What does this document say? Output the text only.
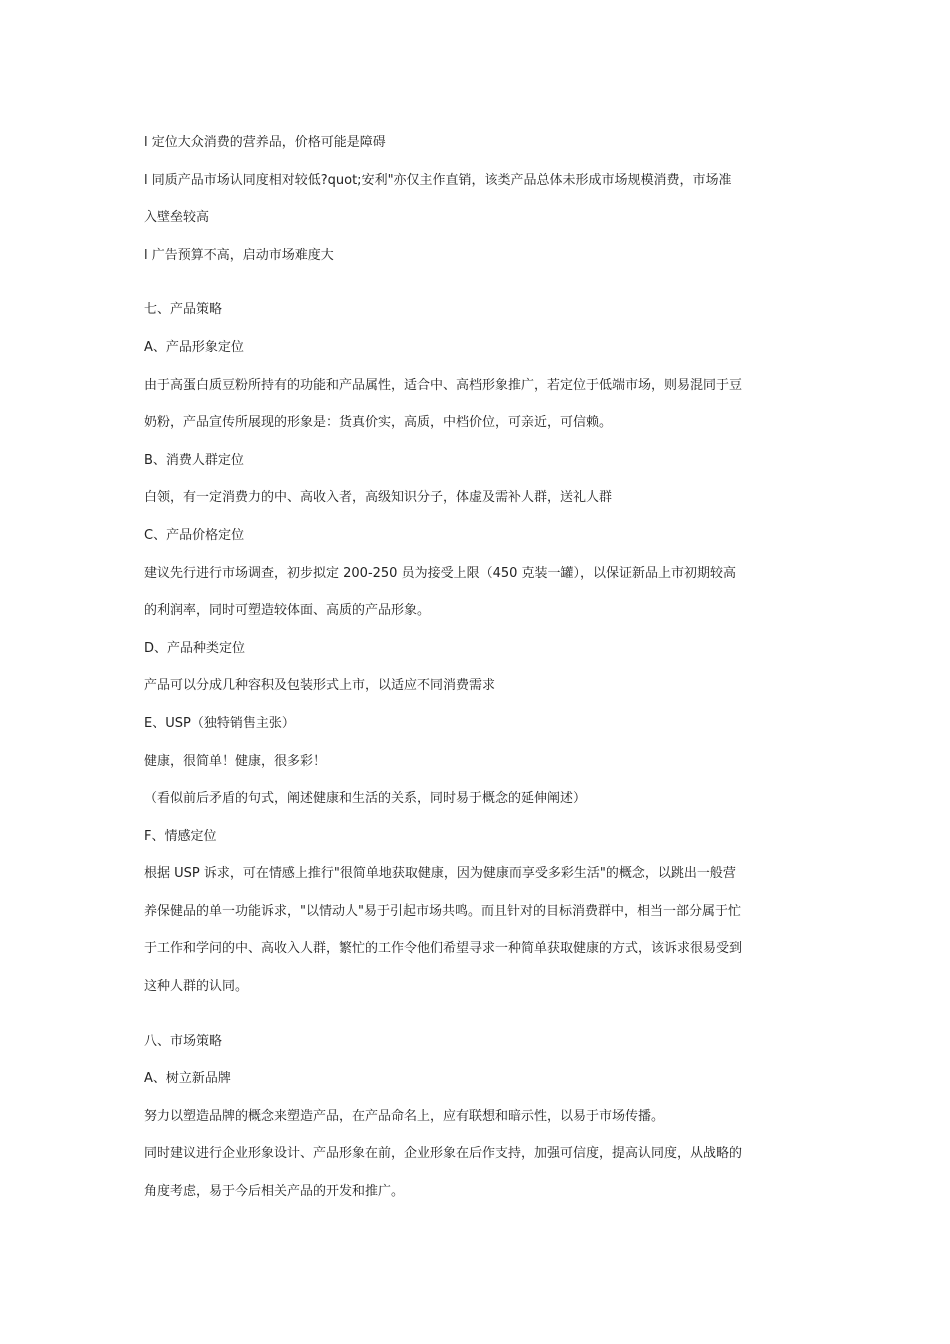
l 定位大众消费的营养品，价格可能是障碍
l 同质产品市场认同度相对较低?quot;安利"亦仅主作直销，该类产品总体未形成市场规模消费，市场准
入壁垒较高
l 广告预算不高，启动市场难度大
七、产品策略
A、产品形象定位
由于高蛋白质豆粉所持有的功能和产品属性，适合中、高档形象推广，若定位于低端市场，则易混同于豆
奶粉，产品宣传所展现的形象是：货真价实，高质，中档价位，可亲近，可信赖。
B、消费人群定位
白领，有一定消费力的中、高收入者，高级知识分子，体虚及需补人群，送礼人群
C、产品价格定位
建议先行进行市场调查，初步拟定 200-250 员为接受上限（450 克装一罐），以保证新品上市初期较高
的利润率，同时可塑造较体面、高质的产品形象。
D、产品种类定位
产品可以分成几种容积及包装形式上市，以适应不同消费需求
E、USP（独特销售主张）
健康，很简单！健康，很多彩！
（看似前后矛盾的句式，阐述健康和生活的关系，同时易于概念的延伸阐述）
F、情感定位
根据 USP 诉求，可在情感上推行"很简单地获取健康，因为健康而享受多彩生活"的概念，以跳出一般营
养保健品的单一功能诉求，"以情动人"易于引起市场共鸣。而且针对的目标消费群中，相当一部分属于忙
于工作和学问的中、高收入人群，繁忙的工作令他们希望寻求一种简单获取健康的方式，该诉求很易受到
这种人群的认同。
八、市场策略
A、树立新品牌
努力以塑造品牌的概念来塑造产品，在产品命名上，应有联想和暗示性，以易于市场传播。
同时建议进行企业形象设计、产品形象在前，企业形象在后作支持，加强可信度，提高认同度，从战略的
角度考虑，易于今后相关产品的开发和推广。
